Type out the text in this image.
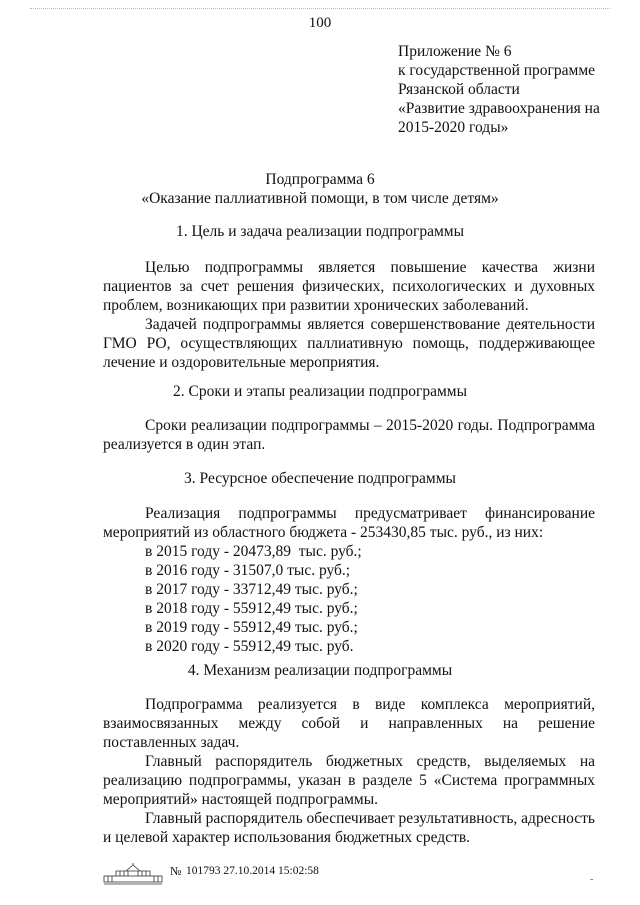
100
Приложение № 6
к государственной программе
Рязанской области
«Развитие здравоохранения на
2015-2020 годы»
Подпрограмма 6
«Оказание паллиативной помощи, в том числе детям»
1. Цель и задача реализации подпрограммы
Целью подпрограммы является повышение качества жизни пациентов за счет решения физических, психологических и духовных проблем, возникающих при развитии хронических заболеваний.
Задачей подпрограммы является совершенствование деятельности ГМО РО, осуществляющих паллиативную помощь, поддерживающее лечение и оздоровительные мероприятия.
2. Сроки и этапы реализации подпрограммы
Сроки реализации подпрограммы – 2015-2020 годы. Подпрограмма реализуется в один этап.
3. Ресурсное обеспечение подпрограммы
Реализация подпрограммы предусматривает финансирование мероприятий из областного бюджета - 253430,85 тыс. руб., из них:
в 2015 году - 20473,89  тыс. руб.;
в 2016 году - 31507,0 тыс. руб.;
в 2017 году - 33712,49 тыс. руб.;
в 2018 году - 55912,49 тыс. руб.;
в 2019 году - 55912,49 тыс. руб.;
в 2020 году - 55912,49 тыс. руб.
4. Механизм реализации подпрограммы
Подпрограмма реализуется в виде комплекса мероприятий, взаимосвязанных между собой и направленных на решение поставленных задач.
Главный распорядитель бюджетных средств, выделяемых на реализацию подпрограммы, указан в разделе 5 «Система программных мероприятий» настоящей подпрограммы.
Главный распорядитель обеспечивает результативность, адресность и целевой характер использования бюджетных средств.
№ 101793 27.10.2014 15:02:58
-
